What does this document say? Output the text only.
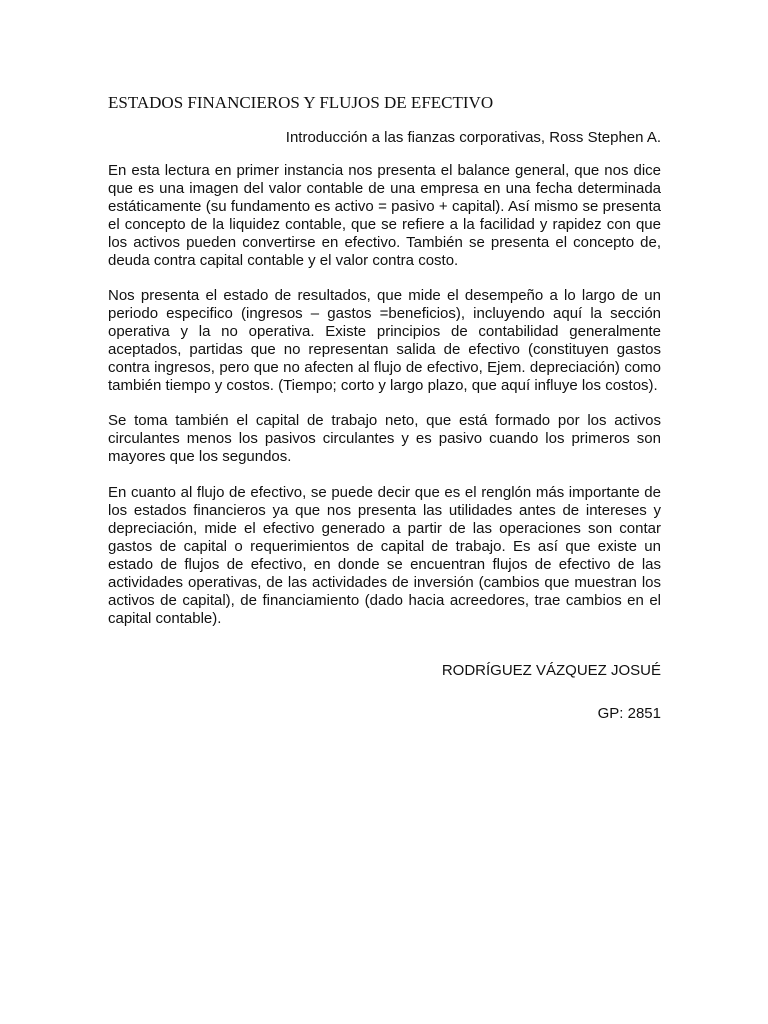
ESTADOS FINANCIEROS Y FLUJOS DE EFECTIVO

Introducción a las fianzas corporativas, Ross Stephen A.

En esta lectura en primer instancia nos presenta el balance general, que nos dice
que es una imagen del valor contable de una empresa en una fecha determinada
estáticamente (su fundamento es activo = pasivo + capital). Así mismo se presenta
el concepto de la liquidez contable, que se refiere a la facilidad y rapidez con que
los activos pueden convertirse en efectivo. También se presenta el concepto de,
deuda contra capital contable y el valor contra costo.

Nos presenta el estado de resultados, que mide el desempeño a lo largo de un
periodo especifico (ingresos – gastos =beneficios), incluyendo aquí la sección
operativa y la no operativa. Existe principios de contabilidad generalmente
aceptados, partidas que no representan salida de efectivo (constituyen gastos
contra ingresos, pero que no afecten al flujo de efectivo, Ejem. depreciación) como
también tiempo y costos. (Tiempo; corto y largo plazo, que aquí influye los costos).

Se toma también el capital de trabajo neto, que está formado por los activos
circulantes menos los pasivos circulantes y es pasivo cuando los primeros son
mayores que los segundos.

En cuanto al flujo de efectivo, se puede decir que es el renglón más importante de
los estados financieros ya que nos presenta las utilidades antes de intereses y
depreciación, mide el efectivo generado a partir de las operaciones son contar
gastos de capital o requerimientos de capital de trabajo. Es así que existe un
estado de flujos de efectivo, en donde se encuentran flujos de efectivo de las
actividades operativas, de las actividades de inversión (cambios que muestran los
activos de capital), de financiamiento (dado hacia acreedores, trae cambios en el
capital contable).

RODRÍGUEZ VÁZQUEZ JOSUÉ

GP: 2851
